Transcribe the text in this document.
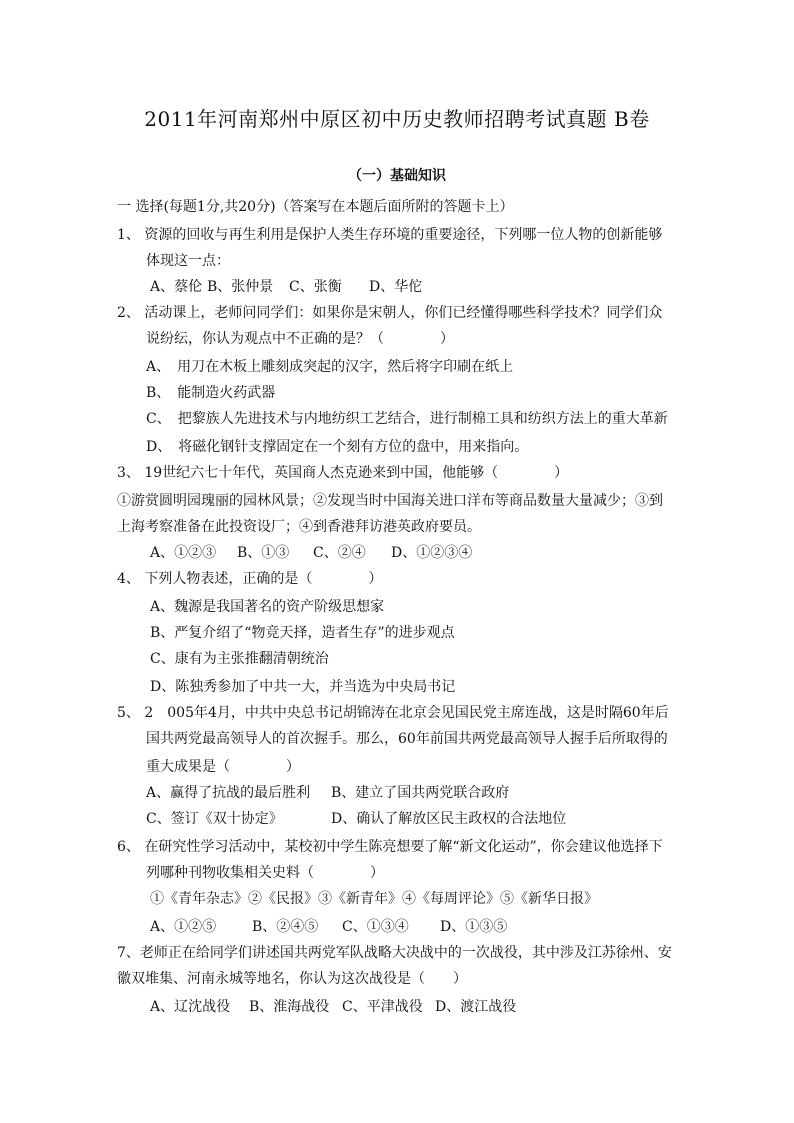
2011年河南郑州中原区初中历史教师招聘考试真题 B卷
（一）基础知识
一 选择(每题1分,共20分)（答案写在本题后面所附的答题卡上）
1、 资源的回收与再生利用是保护人类生存环境的重要途径，下列哪一位人物的创新能够
体现这一点：
A、蔡伦 B、张仲景 C、张衡 D、华佗
2、 活动课上，老师问同学们：如果你是宋朝人，你们已经懂得哪些科学技术？同学们众
说纷纭，你认为观点中不正确的是？（　　　　）
A、　用刀在木板上雕刻成突起的汉字，然后将字印刷在纸上
B、　能制造火药武器
C、　把黎族人先进技术与内地纺织工艺结合，进行制棉工具和纺织方法上的重大革新
D、　将磁化钢针支撑固定在一个刻有方位的盘中，用来指向。
3、 19世纪六七十年代，英国商人杰克逊来到中国，他能够（　　　　）
①游赏圆明园瑰丽的园林风景；②发现当时中国海关进口洋布等商品数量大量减少；③到
上海考察准备在此投资设厂；④到香港拜访港英政府要员。
A、①②③ B、①③ C、②④ D、①②③④
4、 下列人物表述，正确的是（　　　　）
A、魏源是我国著名的资产阶级思想家
B、严复介绍了“物竞天择，造者生存”的进步观点
C、康有为主张推翻清朝统治
D、陈独秀参加了中共一大，并当选为中央局书记
5、 2　005年4月，中共中央总书记胡锦涛在北京会见国民党主席连战，这是时隔60年后
国共两党最高领导人的首次握手。那么，60年前国共两党最高领导人握手后所取得的
重大成果是（　　　　）
A、赢得了抗战的最后胜利 B、建立了国共两党联合政府
C、签订《双十协定》	D、确认了解放区民主政权的合法地位
6、 在研究性学习活动中，某校初中学生陈亮想要了解“新文化运动”，你会建议他选择下
列哪种刊物收集相关史料（　　　　）
①《青年杂志》②《民报》③《新青年》④《每周评论》⑤《新华日报》
A、①②⑤	B、②④⑤ C、①③④ D、①③⑤
7、老师正在给同学们讲述国共两党军队战略大决战中的一次战役，其中涉及江苏徐州、安
徽双堆集、河南永城等地名，你认为这次战役是（　　）
A、辽沈战役 B、淮海战役 C、平津战役 D、渡江战役
